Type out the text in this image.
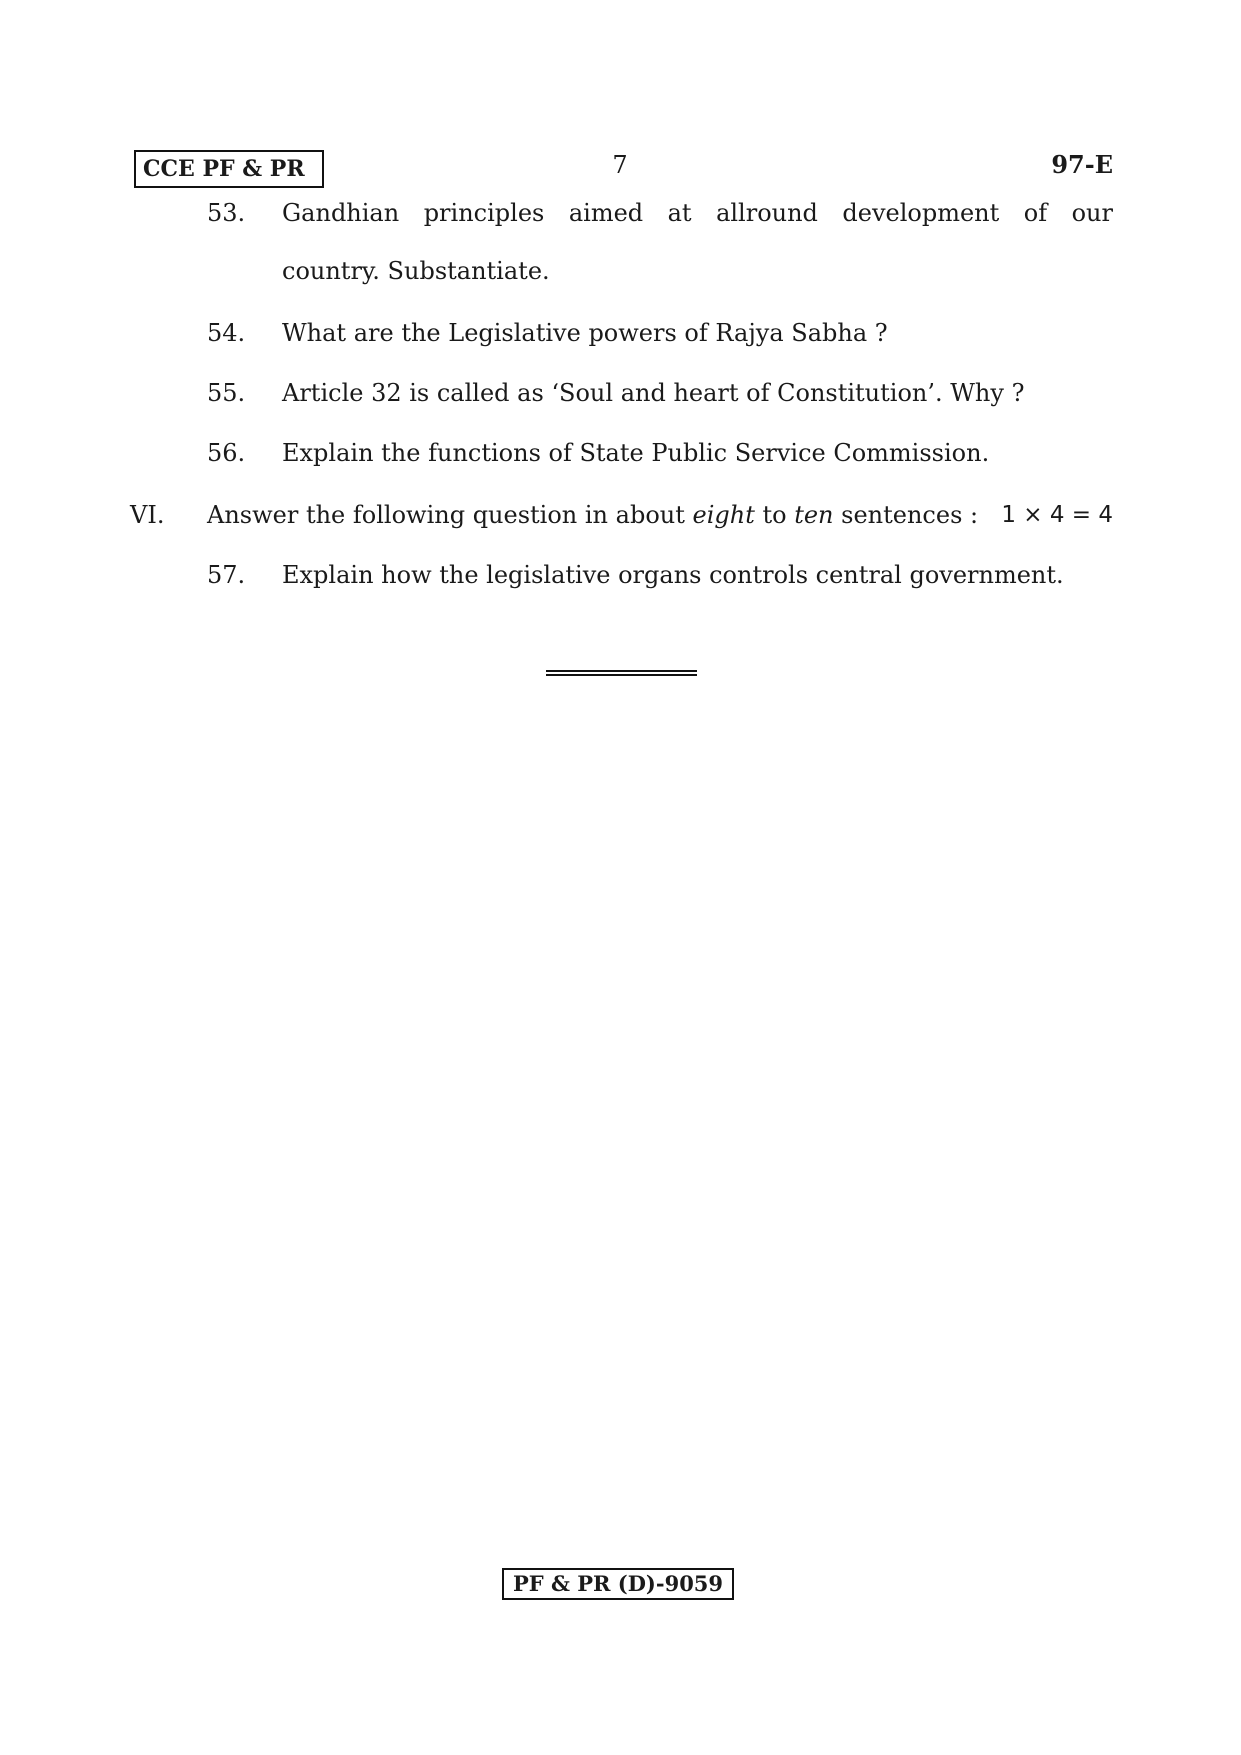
CCE PF & PR	7	97-E
53. Gandhian principles aimed at allround development of our
country. Substantiate.
54. What are the Legislative powers of Rajya Sabha ?
55. Article 32 is called as ‘Soul and heart of Constitution’. Why ?
56. Explain the functions of State Public Service Commission.
VI. Answer the following question in about eight to ten sentences : 1 × 4 = 4
57. Explain how the legislative organs controls central government.
PF & PR (D)-9059
